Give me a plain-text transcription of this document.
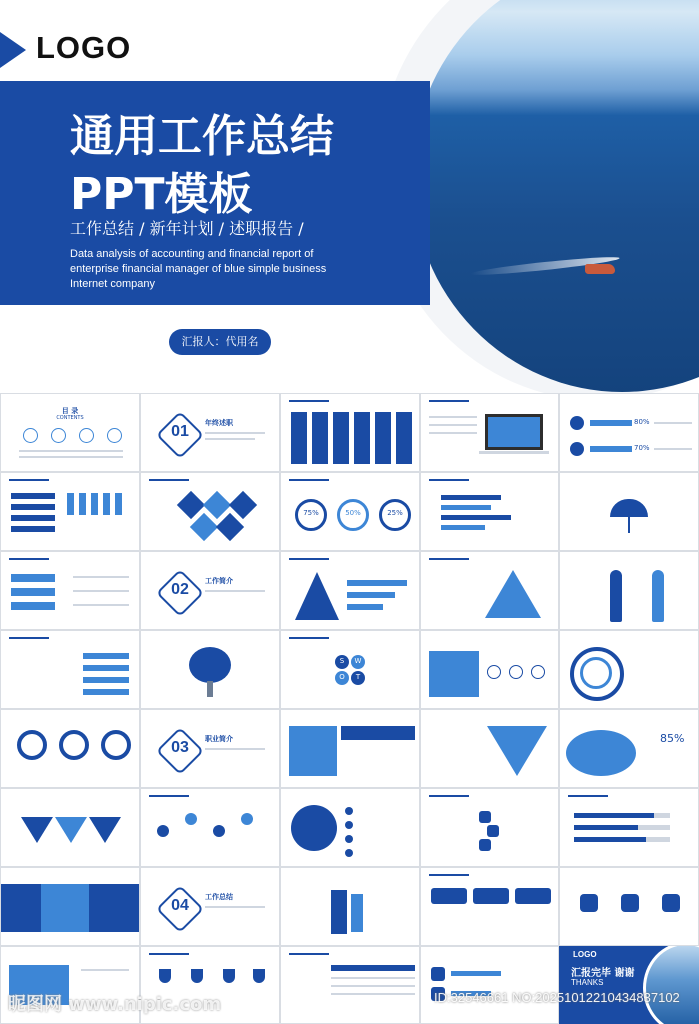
LOGO
通用工作总结
PPT模板
工作总结 / 新年计划 / 述职报告 /
Data analysis of accounting and financial report of enterprise financial manager of blue simple business Internet company
汇报人：代用名
目 录
CONTENTS
01	年终述职	80%
70%
75%	50%	25%
02	工作简介
S	W
O	T
03	职业简介	85%
04	工作总结
LOGO
汇报完毕 谢谢
THANKS
昵图网 www.nipic.com	ID:32546661 NO:20251012210434837102
